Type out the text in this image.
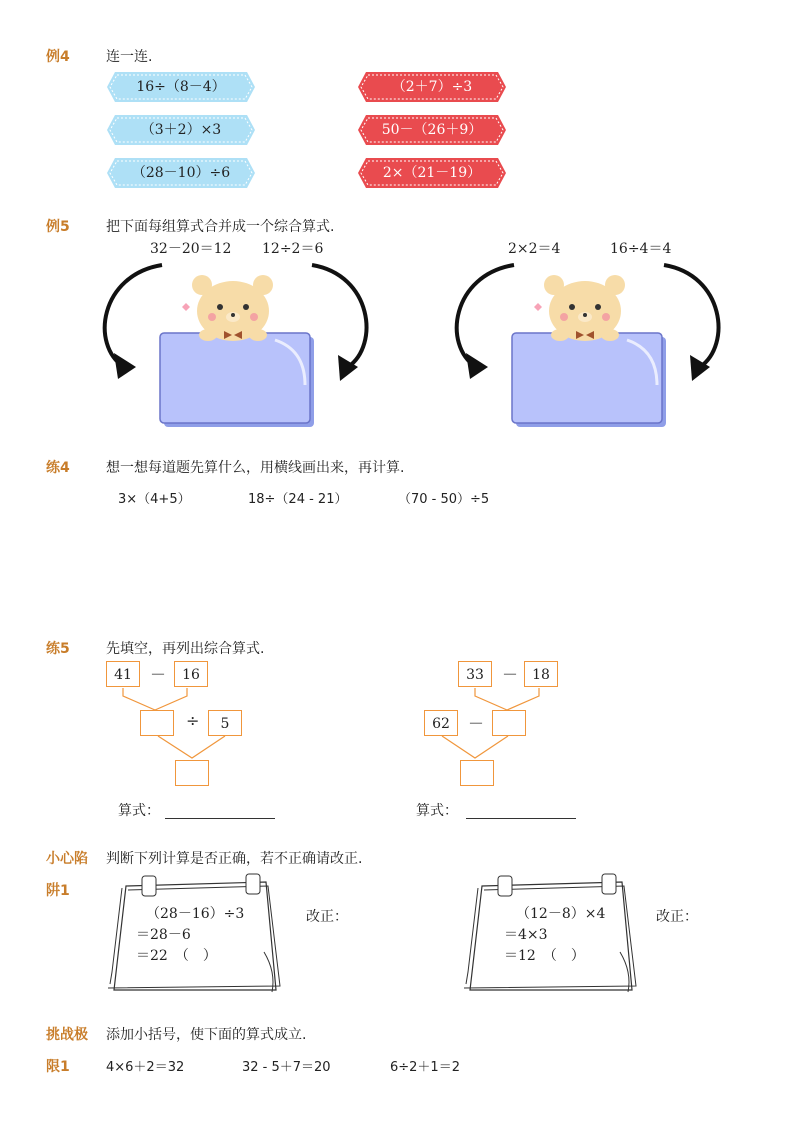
例4	连一连.
16÷（8－4）
（3＋2）×3
（28－10）÷6
（2＋7）÷3
50－（26＋9）
2×（21－19）
例5	把下面每组算式合并成一个综合算式.
32－20＝12 12÷2＝6	2×2＝4	16÷4＝4
练4	想一想每道题先算什么，用横线画出来，再计算.
3×（4+5）	18÷（24 - 21）	（70 - 50）÷5
练5	先填空，再列出综合算式.
41	－	16
÷	5
算式：
33	－	18
62	－
算式：
小心陷
阱1
判断下列计算是否正确，若不正确请改正.
（28－16）÷3
＝28－6
＝22　（　）
改正：	（12－8）×4
＝4×3
＝12　（　）
改正：
挑战极
限1
添加小括号，使下面的算式成立.
4×6＋2＝32	32 - 5＋7＝20	6÷2＋1＝2
